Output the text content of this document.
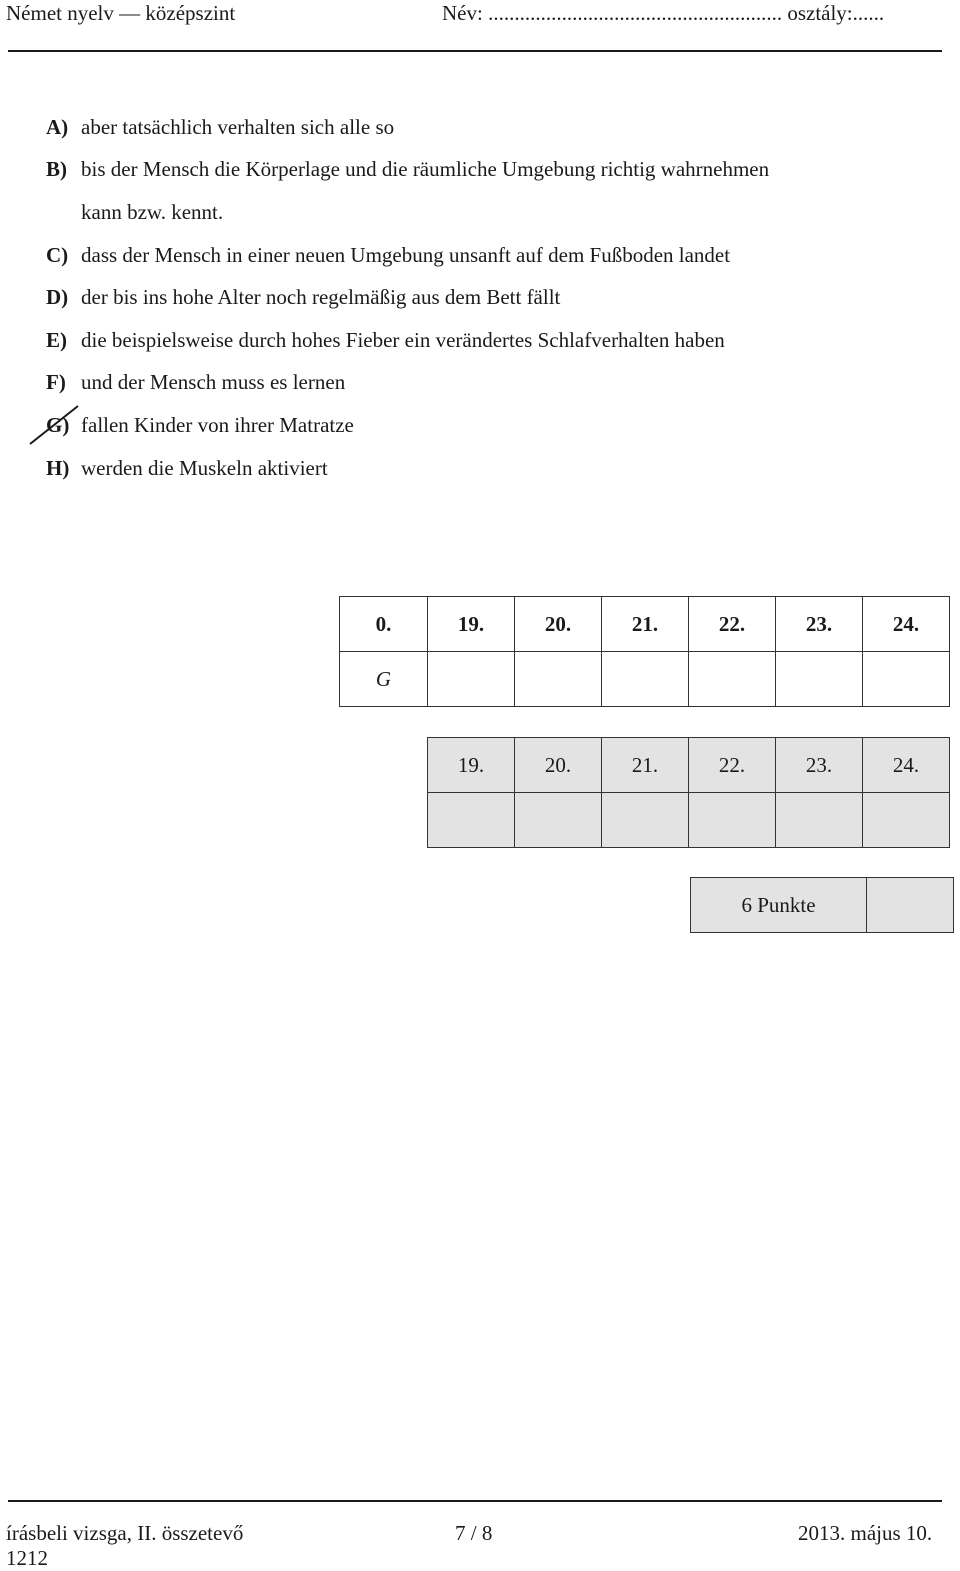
Német nyelv — középszint	Név: ........................................................ osztály:......
A) aber tatsächlich verhalten sich alle so
B) bis der Mensch die Körperlage und die räumliche Umgebung richtig wahrnehmen
kann bzw. kennt.
C) dass der Mensch in einer neuen Umgebung unsanft auf dem Fußboden landet
D) der bis ins hohe Alter noch regelmäßig aus dem Bett fällt
E) die beispielsweise durch hohes Fieber ein verändertes Schlafverhalten haben
F) und der Mensch muss es lernen
G) fallen Kinder von ihrer Matratze
H) werden die Muskeln aktiviert
0.	19.	20.	21.	22.	23.	24.
G						
19.	20.	21.	22.	23.	24.

6 Punkte	
írásbeli vizsga, II. összetevő	7 / 8	2013. május 10.
1212
